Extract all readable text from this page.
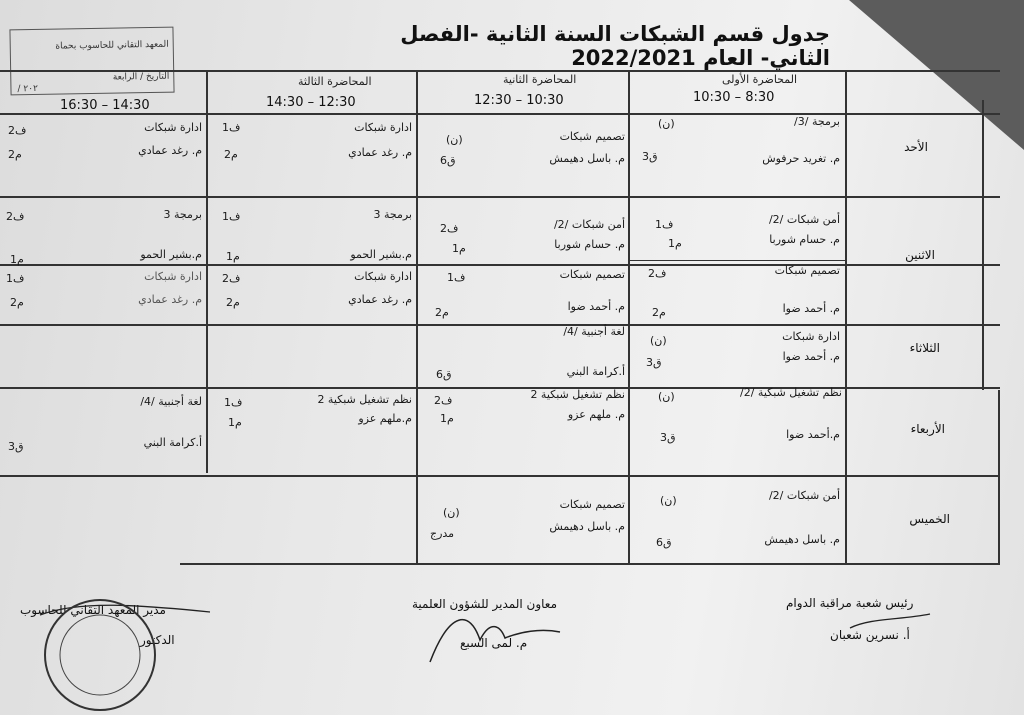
جدول قسم الشبكات السنة الثانية -الفصل الثاني- العام 2022/2021
المعهد التقاني للحاسوب بحماة
التاريخ / الرابعة
/ ۲۰۲
المحاضرة الأولى
10:30 – 8:30
المحاضرة الثانية
12:30 – 10:30
المحاضرة الثالثة
14:30 – 12:30
16:30 – 14:30
الأحد
الاثنين
الثلاثاء
الأربعاء
الخميس
برمجة /3/
(ن)
م. تغريد حرفوش
ق3
تصميم شبكات
(ن)
م. باسل دهيمش
ق6
ادارة شبكات
ف1
م. رغد عمادي
م2
ادارة شبكات
ف2
م. رغد عمادي
م2
أمن شبكات /2/
ف1
م. حسام شوربا
م1
تصميم شبكات
ف2
م. أحمد ضوا
م2
أمن شبكات /2/
ف2
م. حسام شوربا
م1
تصميم شبكات
ف1
م. أحمد ضوا
م2
برمجة 3
ف1
م.بشير الحمو
م1
ادارة شبكات
ف2
م. رغد عمادي
م2
برمجة 3
ف2
م.بشير الحمو
م1
ادارة شبكات
ف1
م. رغد عمادي
م2
ادارة شبكات
(ن)
م. أحمد ضوا
ق3
لغة أجنبية /4/
أ.كرامة البني
ق6
نظم تشغيل شبكية /2/
(ن)
م.أحمد ضوا
ق3
نظم تشغيل شبكية 2
ف2
م. ملهم عزو
م1
نظم تشغيل شبكية 2
ف1
م.ملهم عزو
م1
لغة أجنبية /4/
أ.كرامة البني
ق3
أمن شبكات /2/
(ن)
م. باسل دهيمش
ق6
تصميم شبكات
(ن)
م. باسل دهيمش
مدرج
رئيس شعبة مراقبة الدوام
أ. نسرين شعبان
معاون المدير للشؤون العلمية
م. لمى السبع
مدير المعهد التقاني للحاسوب
الدكتور
